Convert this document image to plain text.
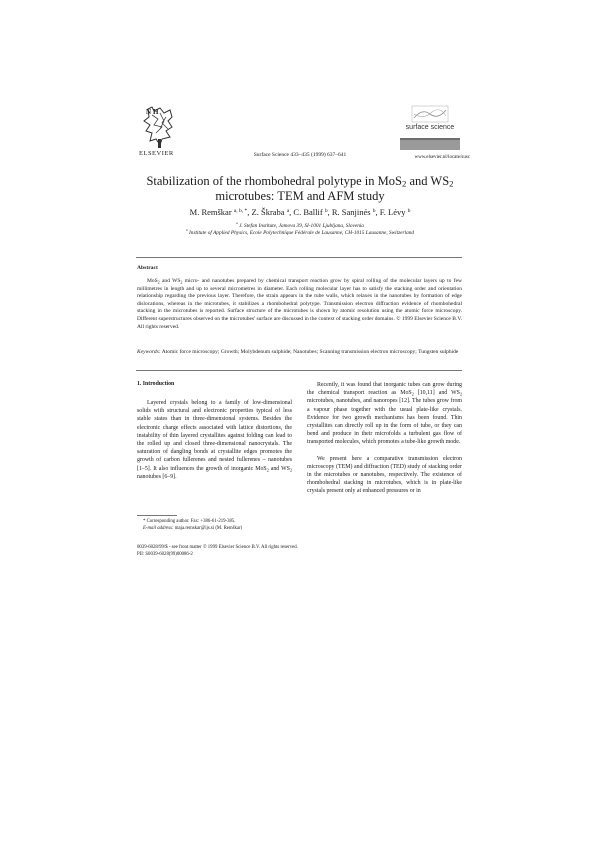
N H
ELSEVIER	Surface Science 433–435 (1999) 637–641
surface science
www.elsevier.nl/locate/susc
Stabilization of the rhombohedral polytype in MoS$_2$ and $WS_2$
microtubes: TEM and AFM study
M. Remškar $^{a, b, *}$, Z. Škraba $^a$, C. Ballif $^b$, R. Sanjinés $^b$, F. Lévy $^b$
$^a$ J. Stefan Institute, Jamova 39, SI-1001 Ljubljana, Slovenia
$^b$ Institute of Applied Physics, Ecole Polytechnique Fédérale de Lausanne, CH-1015 Lausanne, Switzerland
Abstract
MoS$_2$ and $WS_2$ micro- and nanotubes prepared by chemical transport reaction grow by spiral rolling of the molecular layers up to few millimetres in length and up to several micrometres in diameter. Each rolling molecular layer has to satisfy the stacking order and orientation relationship regarding the previous layer. Therefore, the strain appears in the tube walls, which relaxes in the nanotubes by formation of edge dislocations, whereas in the microtubes, it stabilizes a rhombohedral polytype. Transmission electron diffraction evidence of rhombohedral stacking in the microtubes is reported. Surface structure of the microtubes is shown by atomic resolution using the atomic force microscopy. Different superstructures observed on the microtubes' surface are discussed in the context of stacking order domains. © 1999 Elsevier Science B.V. All rights reserved.
Keywords: Atomic force microscopy; Growth; Molybdenum sulphide; Nanotubes; Scanning transmission electron microscopy; Tungsten sulphide
1. Introduction
Layered crystals belong to a family of low-dimensional solids with structural and electronic properties typical of less stable states than in three-dimensional systems. Besides the electronic charge effects associated with lattice distortions, the instability of thin layered crystallites against folding can lead to the rolled up and closed three-dimensional nanocrystals. The saturation of dangling bonds at crystallite edges promotes the growth of carbon fullerenes and nested fullerenes – nanotubes [1–5]. It also influences the growth of inorganic MoS$_2$ and $WS_2$ nanotubes [6–9].
* Corresponding author. Fax: +386-61-219-385.
E-mail address: maja.remskar@ijs.si (M. Remškar)

Recently, it was found that inorganic tubes can grow during the chemical transport reaction as MoS$_2$ [10,11] and $WS_2$ microtubes, nanotubes, and nanoropes [12]. The tubes grow from a vapour phase together with the usual plate-like crystals. Evidence for two growth mechanisms has been found. Thin crystallites can directly roll up in the form of tube, or they can bend and produce in their microfolds a turbulent gas flow of transported molecules, which promotes a tube-like growth mode.

We present here a comparative transmission electron microscopy (TEM) and diffraction (TED) study of stacking order in the microtubes or nanotubes, respectively. The existence of rhombohedral stacking in microtubes, which is in plate-like crystals present only at enhanced pressures or in

0039-6028/99/$ - see front matter © 1999 Elsevier Science B.V. All rights reserved.
PII: S0039-6028(99)00086-2
